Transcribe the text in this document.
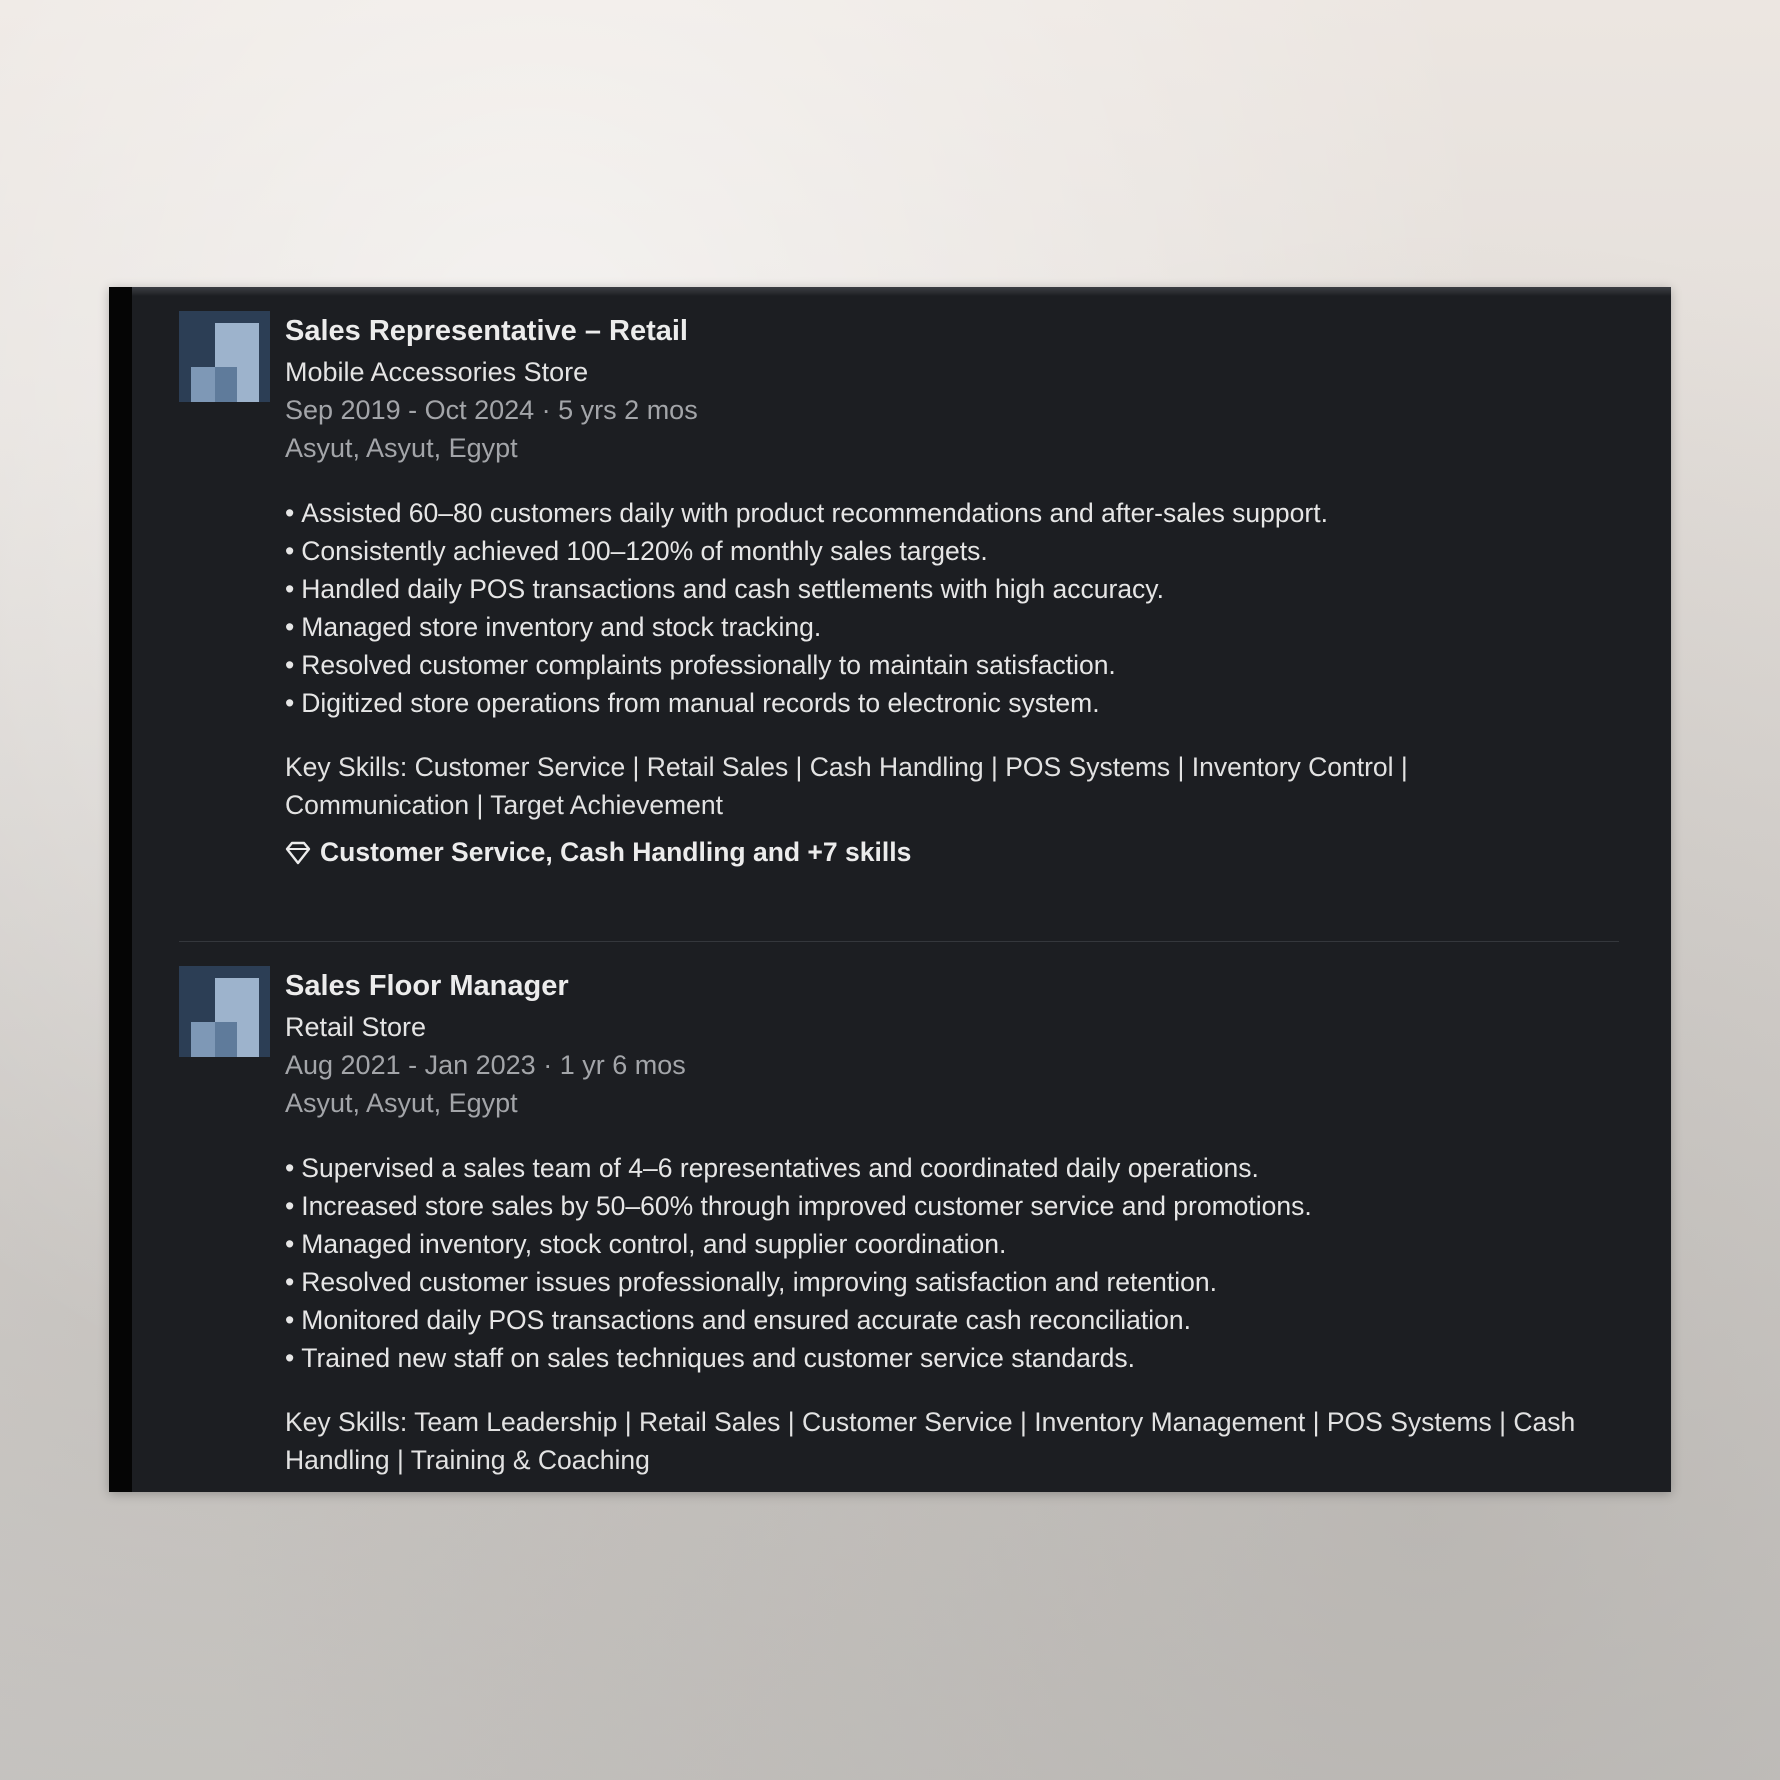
Sales Representative – Retail
Mobile Accessories Store
Sep 2019 - Oct 2024 · 5 yrs 2 mos
Asyut, Asyut, Egypt
• Assisted 60–80 customers daily with product recommendations and after-sales support.
• Consistently achieved 100–120% of monthly sales targets.
• Handled daily POS transactions and cash settlements with high accuracy.
• Managed store inventory and stock tracking.
• Resolved customer complaints professionally to maintain satisfaction.
• Digitized store operations from manual records to electronic system.
Key Skills: Customer Service | Retail Sales | Cash Handling | POS Systems | Inventory Control | Communication | Target Achievement
Customer Service, Cash Handling and +7 skills
Sales Floor Manager
Retail Store
Aug 2021 - Jan 2023 · 1 yr 6 mos
Asyut, Asyut, Egypt
• Supervised a sales team of 4–6 representatives and coordinated daily operations.
• Increased store sales by 50–60% through improved customer service and promotions.
• Managed inventory, stock control, and supplier coordination.
• Resolved customer issues professionally, improving satisfaction and retention.
• Monitored daily POS transactions and ensured accurate cash reconciliation.
• Trained new staff on sales techniques and customer service standards.
Key Skills: Team Leadership | Retail Sales | Customer Service | Inventory Management | POS Systems | Cash Handling | Training & Coaching
